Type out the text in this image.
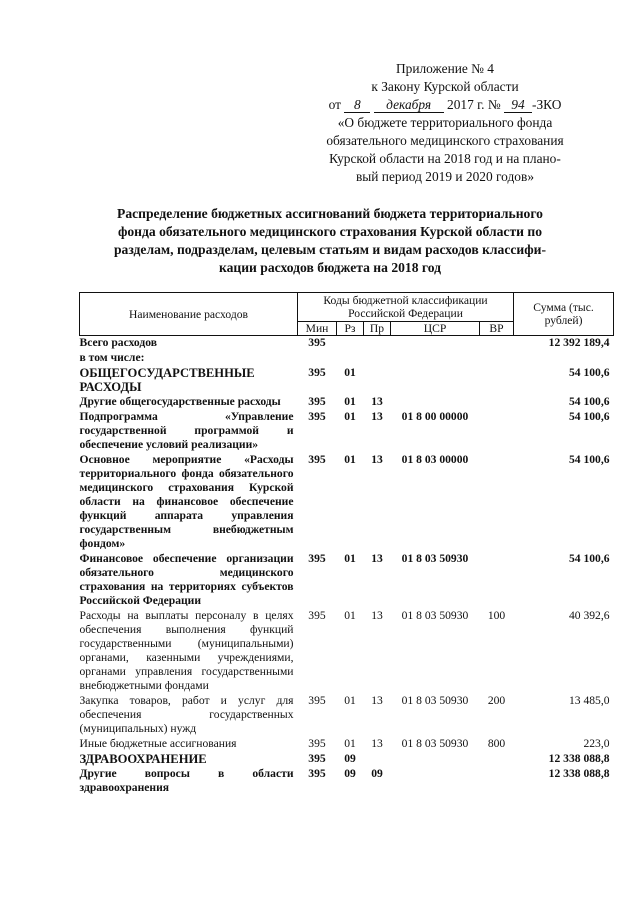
Приложение № 4
к Закону Курской области
от 8 декабря 2017 г. № 94 -ЗКО
«О бюджете территориального фонда
обязательного медицинского страхования
Курской области на 2018 год и на плано-
вый период 2019 и 2020 годов»
Распределение бюджетных ассигнований бюджета территориального
фонда обязательного медицинского страхования Курской области по
разделам, подразделам, целевым статьям и видам расходов классифи-
кации расходов бюджета на 2018 год
Наименование расходов	Коды бюджетной классификации Российской Федерации					Сумма (тыс. рублей)
	Мин	Рз	Пр	ЦСР	ВР	
Всего расходов	395					12 392 189,4
в том числе:						
ОБЩЕГОСУДАРСТВЕННЫЕ РАСХОДЫ	395	01				54 100,6
Другие общегосударственные расходы	395	01	13			54 100,6
Подпрограмма «Управление государственной программой и обеспечение условий реализации»	395	01	13	01 8 00 00000		54 100,6
Основное мероприятие «Расходы территориального фонда обязательного медицинского страхования Курской области на финансовое обеспечение функций аппарата управления государственным внебюджетным фондом»	395	01	13	01 8 03 00000		54 100,6
Финансовое обеспечение организации обязательного медицинского страхования на территориях субъектов Российской Федерации	395	01	13	01 8 03 50930		54 100,6
Расходы на выплаты персоналу в целях обеспечения выполнения функций государственными (муниципальными) органами, казенными учреждениями, органами управления государственными внебюджетными фондами	395	01	13	01 8 03 50930	100	40 392,6
Закупка товаров, работ и услуг для обеспечения государственных (муниципальных) нужд	395	01	13	01 8 03 50930	200	13 485,0
Иные бюджетные ассигнования	395	01	13	01 8 03 50930	800	223,0
ЗДРАВООХРАНЕНИЕ	395	09				12 338 088,8
Другие вопросы в области здравоохранения	395	09	09			12 338 088,8
